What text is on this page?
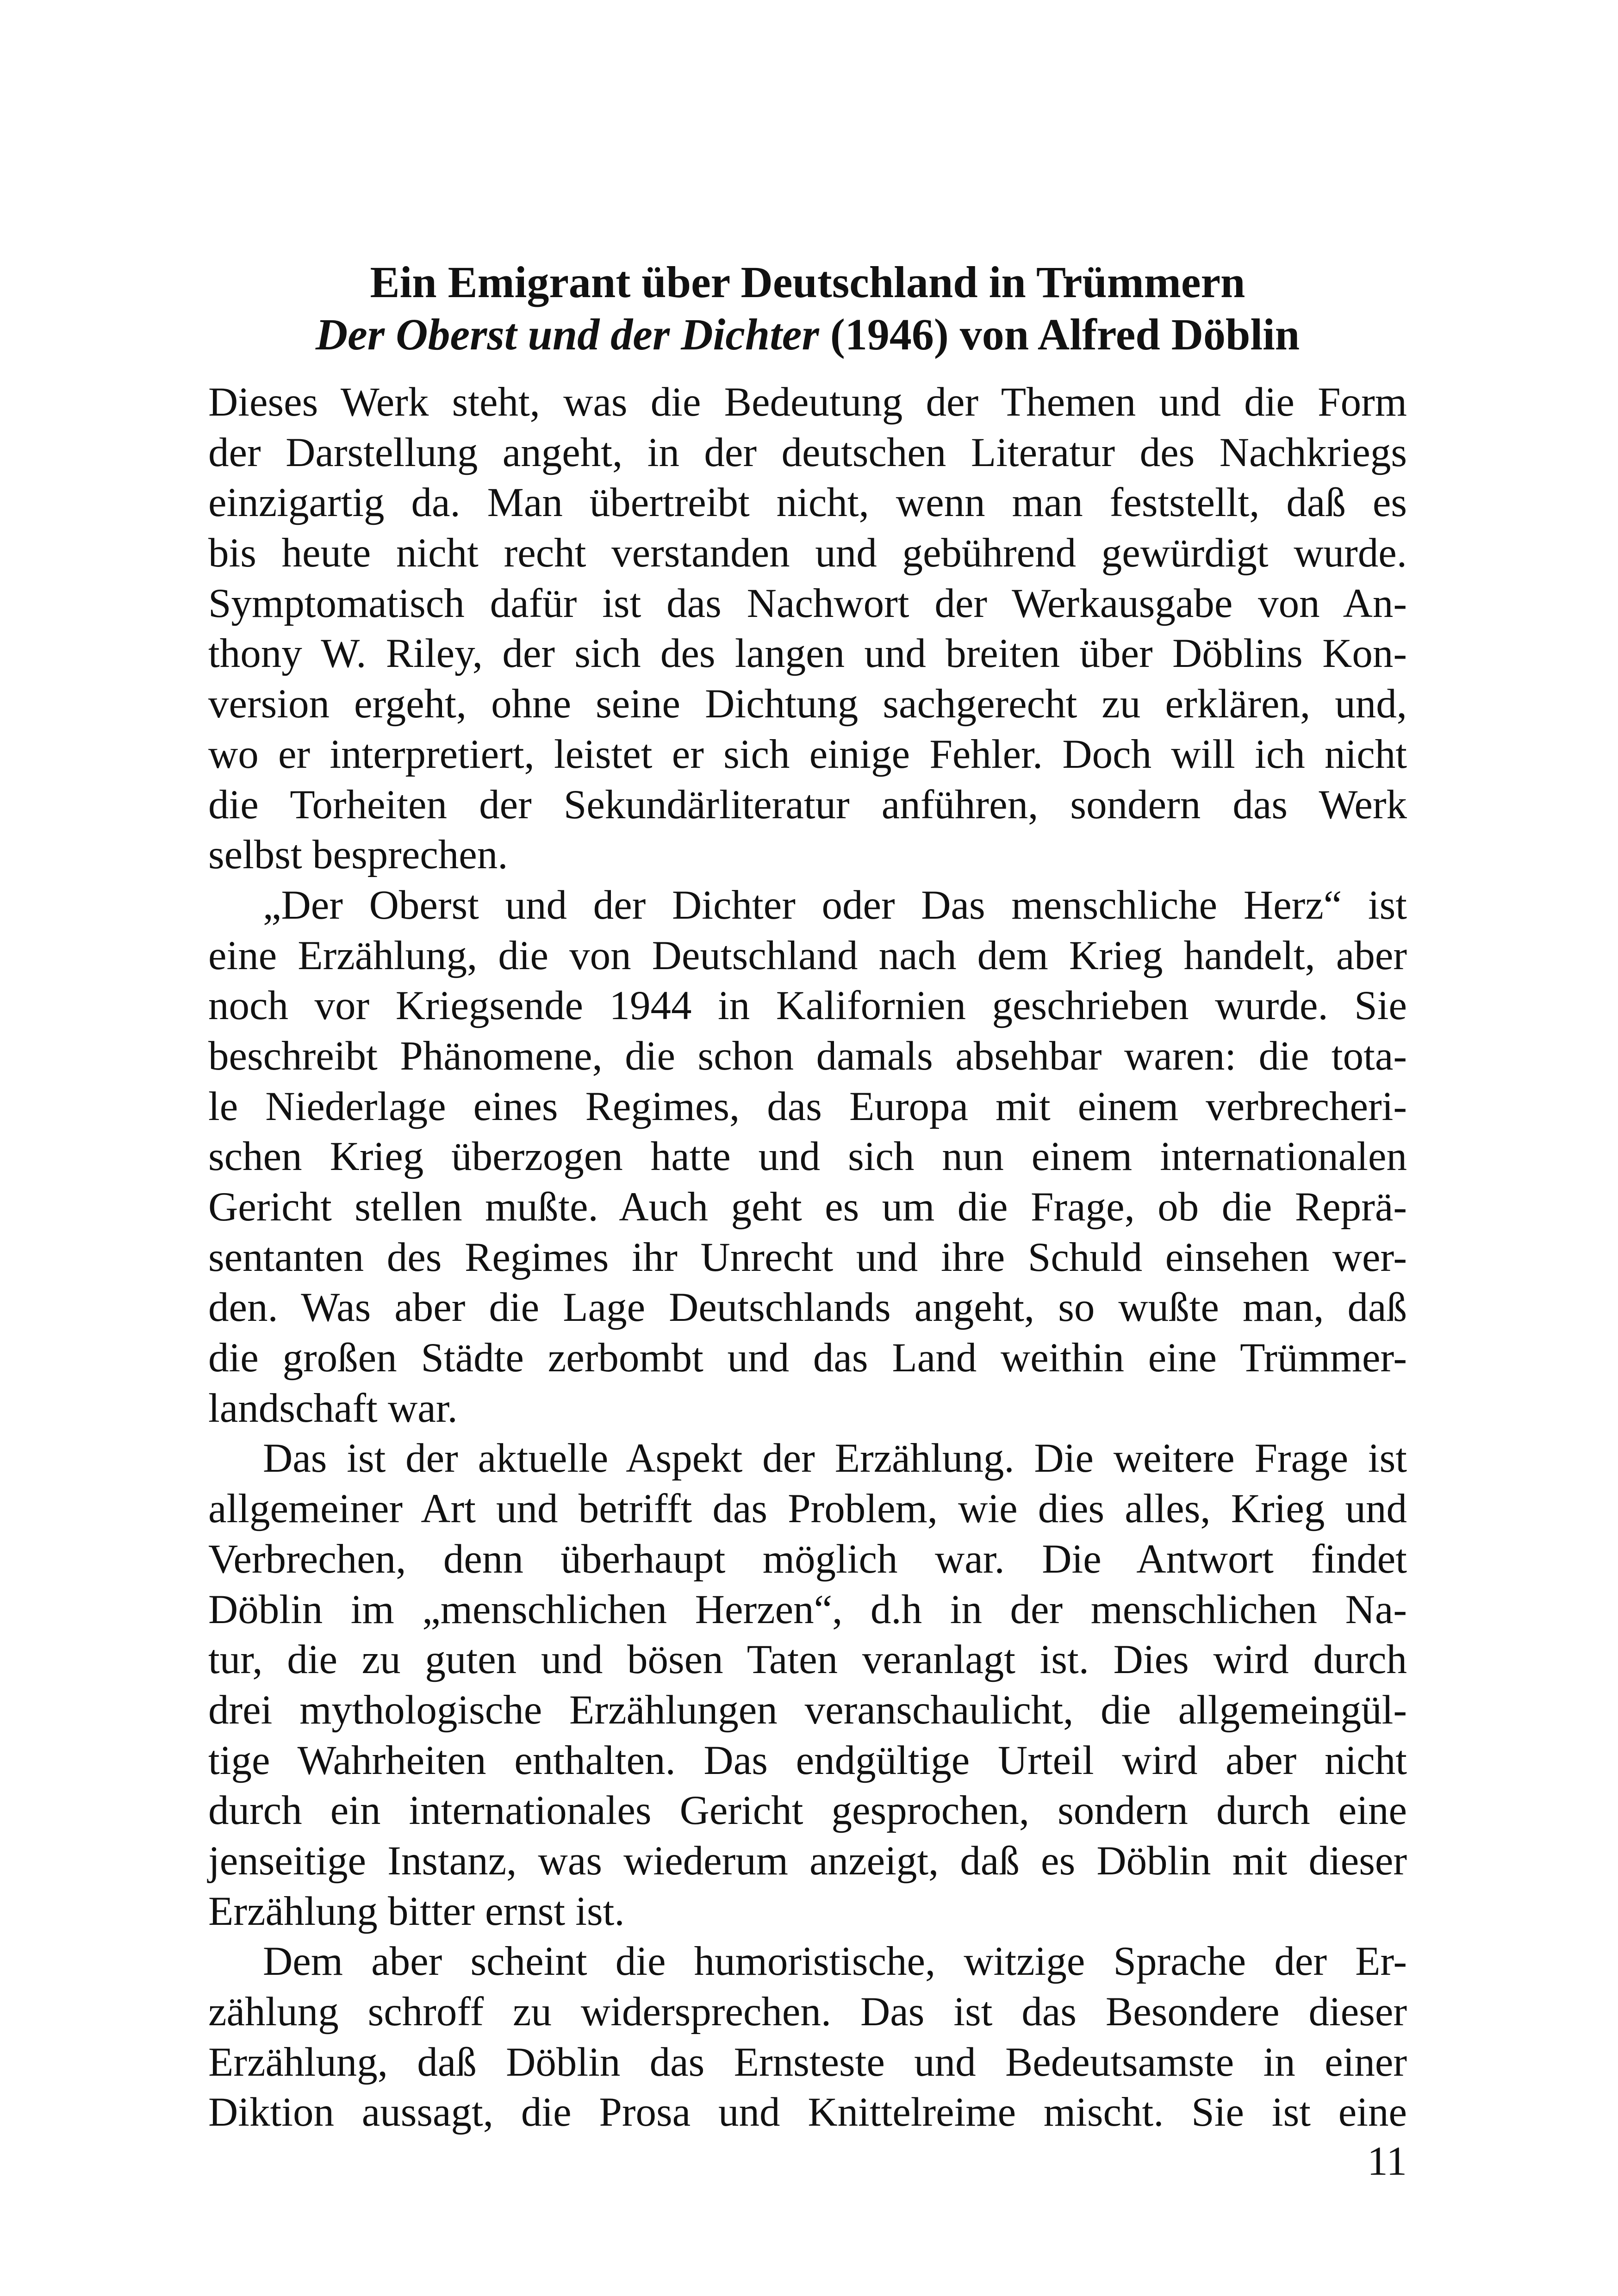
Ein Emigrant über Deutschland in Trümmern
Der Oberst und der Dichter (1946) von Alfred Döblin
Dieses Werk steht, was die Bedeutung der Themen und die Form
der Darstellung angeht, in der deutschen Literatur des Nachkriegs
einzigartig da. Man übertreibt nicht, wenn man feststellt, daß es
bis heute nicht recht verstanden und gebührend gewürdigt wurde.
Symptomatisch dafür ist das Nachwort der Werkausgabe von An-
thony W. Riley, der sich des langen und breiten über Döblins Kon-
version ergeht, ohne seine Dichtung sachgerecht zu erklären, und,
wo er interpretiert, leistet er sich einige Fehler. Doch will ich nicht
die Torheiten der Sekundärliteratur anführen, sondern das Werk
selbst besprechen.
„Der Oberst und der Dichter oder Das menschliche Herz“ ist
eine Erzählung, die von Deutschland nach dem Krieg handelt, aber
noch vor Kriegsende 1944 in Kalifornien geschrieben wurde. Sie
beschreibt Phänomene, die schon damals absehbar waren: die tota-
le Niederlage eines Regimes, das Europa mit einem verbrecheri-
schen Krieg überzogen hatte und sich nun einem internationalen
Gericht stellen mußte. Auch geht es um die Frage, ob die Reprä-
sentanten des Regimes ihr Unrecht und ihre Schuld einsehen wer-
den. Was aber die Lage Deutschlands angeht, so wußte man, daß
die großen Städte zerbombt und das Land weithin eine Trümmer-
landschaft war.
Das ist der aktuelle Aspekt der Erzählung. Die weitere Frage ist
allgemeiner Art und betrifft das Problem, wie dies alles, Krieg und
Verbrechen, denn überhaupt möglich war. Die Antwort findet
Döblin im „menschlichen Herzen“, d.h in der menschlichen Na-
tur, die zu guten und bösen Taten veranlagt ist. Dies wird durch
drei mythologische Erzählungen veranschaulicht, die allgemeingül-
tige Wahrheiten enthalten. Das endgültige Urteil wird aber nicht
durch ein internationales Gericht gesprochen, sondern durch eine
jenseitige Instanz, was wiederum anzeigt, daß es Döblin mit dieser
Erzählung bitter ernst ist.
Dem aber scheint die humoristische, witzige Sprache der Er-
zählung schroff zu widersprechen. Das ist das Besondere dieser
Erzählung, daß Döblin das Ernsteste und Bedeutsamste in einer
Diktion aussagt, die Prosa und Knittelreime mischt. Sie ist eine
11
